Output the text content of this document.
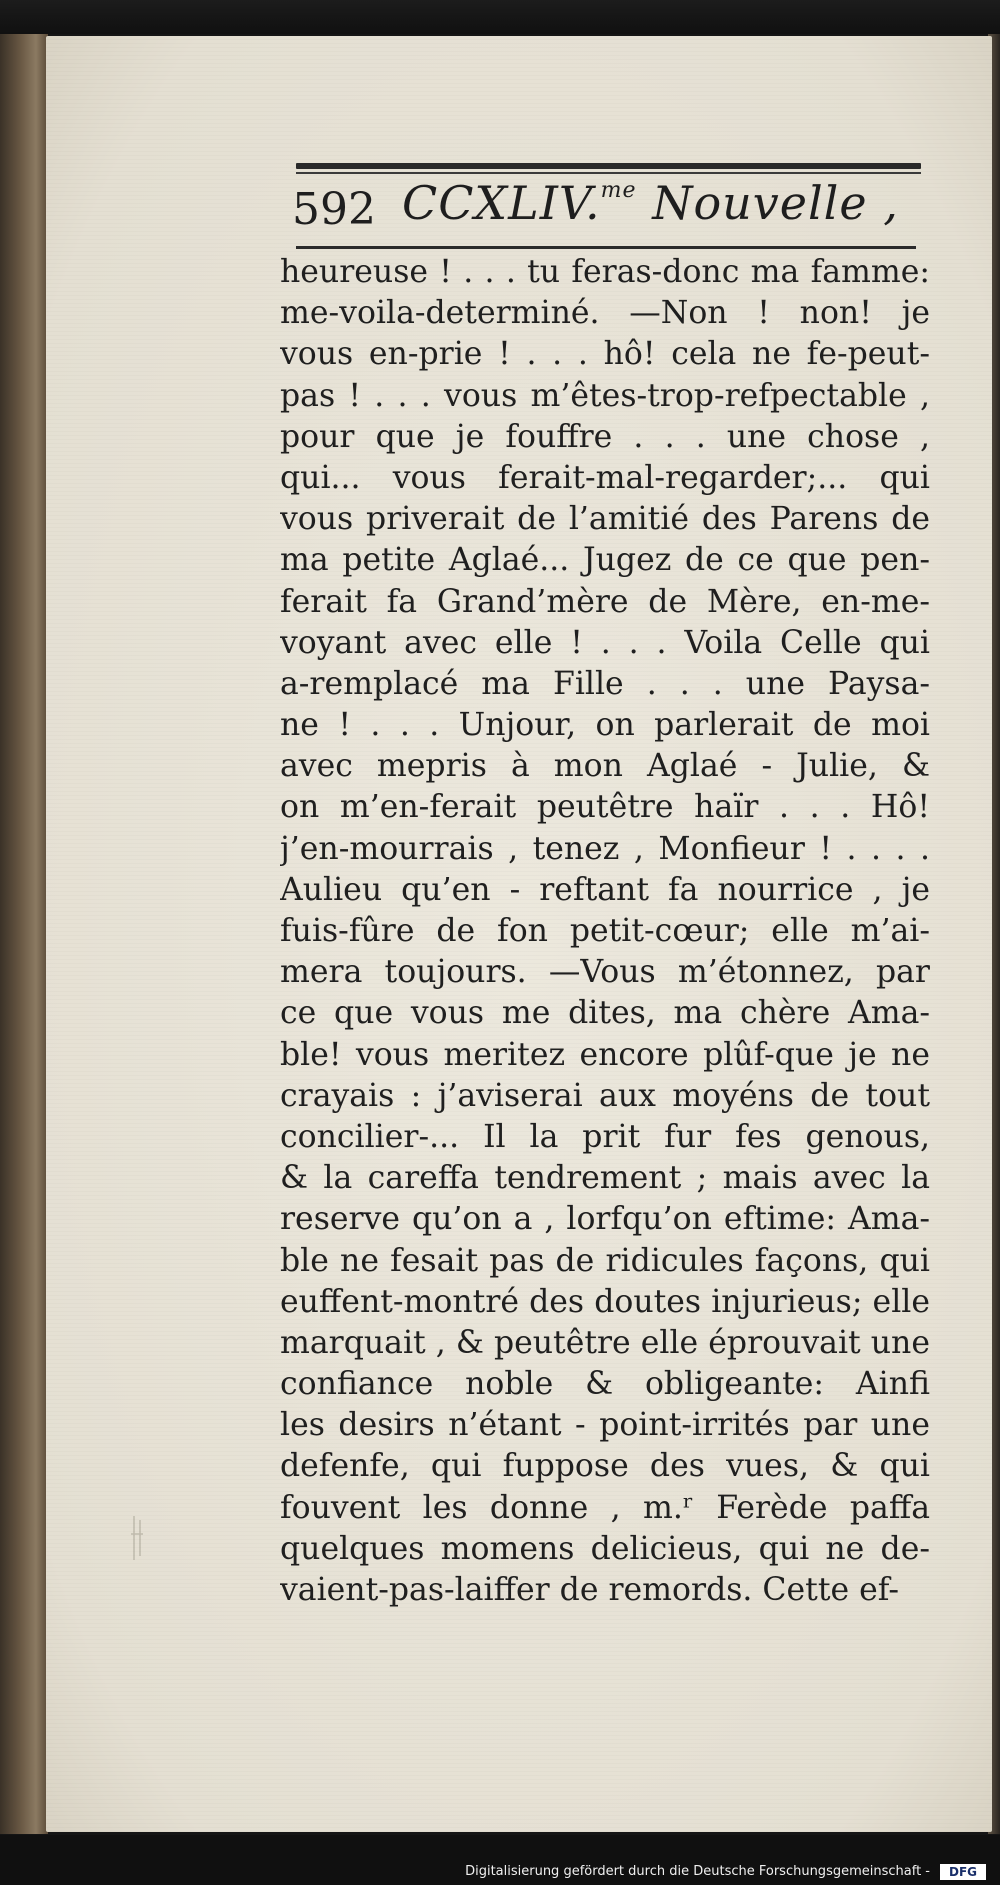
592 CCXLIV.$^{me}$ Nouvelle ,
heureuse ! . . . tu feras-donc ma famme:
me-voila-determiné. —Non ! non! je
vous en-prie ! . . . hô! cela ne fe-peut-
pas ! . . . vous m’êtes-trop-refpectable ,
pour que je fouffre . . . une chose ,
qui... vous ferait-mal-regarder;... qui
vous priverait de l’amitié des Parens de
ma petite Aglaé... Jugez de ce que pen-
ferait fa Grand’mère de Mère, en-me-
voyant avec elle ! . . . Voila Celle qui
a-remplacé ma Fille . . . une Paysa-
ne ! . . . Unjour, on parlerait de moi
avec mepris à mon Aglaé - Julie, &
on m’en-ferait peutêtre haïr . . . Hô!
j’en-mourrais , tenez , Monfieur ! . . . .
Aulieu qu’en - reftant fa nourrice , je
fuis-fûre de fon petit-cœur; elle m’ai-
mera toujours. —Vous m’étonnez, par
ce que vous me dites, ma chère Ama-
ble! vous meritez encore plûf-que je ne
crayais : j’aviserai aux moyéns de tout
concilier-... Il la prit fur fes genous,
& la careffa tendrement ; mais avec la
reserve qu’on a , lorfqu’on eftime: Ama-
ble ne fesait pas de ridicules façons, qui
euffent-montré des doutes injurieus; elle
marquait , & peutêtre elle éprouvait une
confiance noble & obligeante: Ainfi
les desirs n’étant - point-irrités par une
defenfe, qui fuppose des vues, & qui
fouvent les donne , m.ʳ Ferède paffa
quelques momens delicieus, qui ne de-
vaient-pas-laiffer de remords. Cette ef-
Digitalisierung gefördert durch die Deutsche Forschungsgemeinschaft -	DFG
